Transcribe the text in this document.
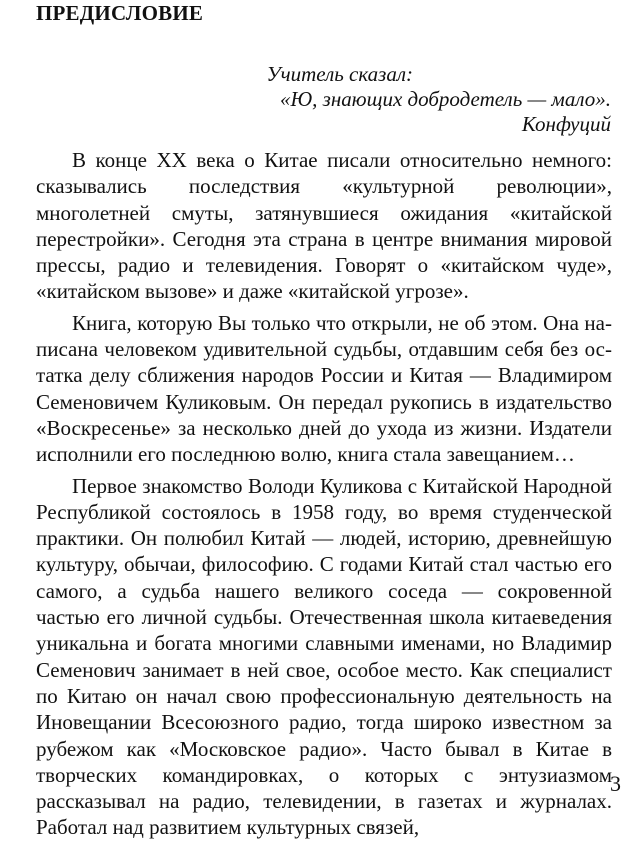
ПРЕДИСЛОВИЕ
Учитель сказал:
«Ю, знающих добродетель — мало».
Конфуций

В конце XX века о Китае писали относительно немного: сказывались последствия «культурной революции», многолетней смуты, затянувшиеся ожидания «китайской перестройки». Сегодня эта страна в центре внимания мировой прессы, радио и телевидения. Говорят о «китайском чуде», «китайском вызове» и даже «китайской угрозе».

Книга, которую Вы только что открыли, не об этом. Она написана человеком удивительной судьбы, отдавшим себя без остатка делу сближения народов России и Китая — Владимиром Семеновичем Куликовым. Он передал рукопись в издательство «Воскресенье» за несколько дней до ухода из жизни. Издатели исполнили его последнюю волю, книга стала завещанием…

Первое знакомство Володи Куликова с Китайской Народной Республикой состоялось в 1958 году, во время студенческой практики. Он полюбил Китай — людей, историю, древнейшую культуру, обычаи, философию. С годами Китай стал частью его самого, а судьба нашего великого соседа — сокровенной частью его личной судьбы. Отечественная школа китаеведения уникальна и богата многими славными именами, но Владимир Семенович занимает в ней свое, особое место. Как специалист по Китаю он начал свою профессиональную деятельность на Иновещании Всесоюзного радио, тогда широко известном за рубежом как «Московское радио». Часто бывал в Китае в творческих командировках, о которых с энтузиазмом рассказывал на радио, телевидении, в газетах и журналах. Работал над развитием культурных связей,

3
